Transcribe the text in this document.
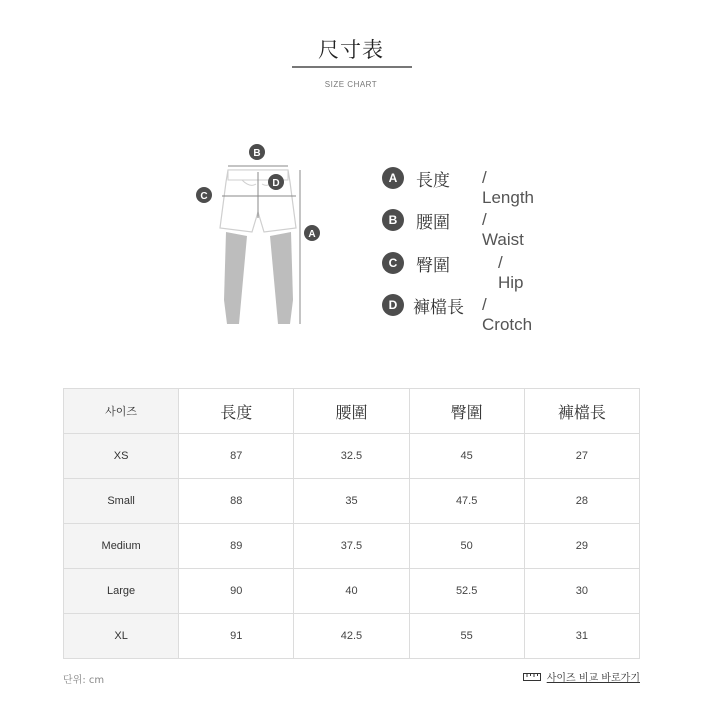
尺寸表
SIZE CHART
B
C
D
A
A	長度 / Length
B	腰圍 / Waist
C	臀圍	/ Hip
D 褲檔長 / Crotch
사이즈	長度	腰圍	臀圍	褲檔長
XS	87	32.5	45	27
Small	88	35	47.5	28
Medium	89	37.5	50	29
Large	90	40	52.5	30
XL	91	42.5	55	31
단위: cm	사이즈 비교 바로가기
